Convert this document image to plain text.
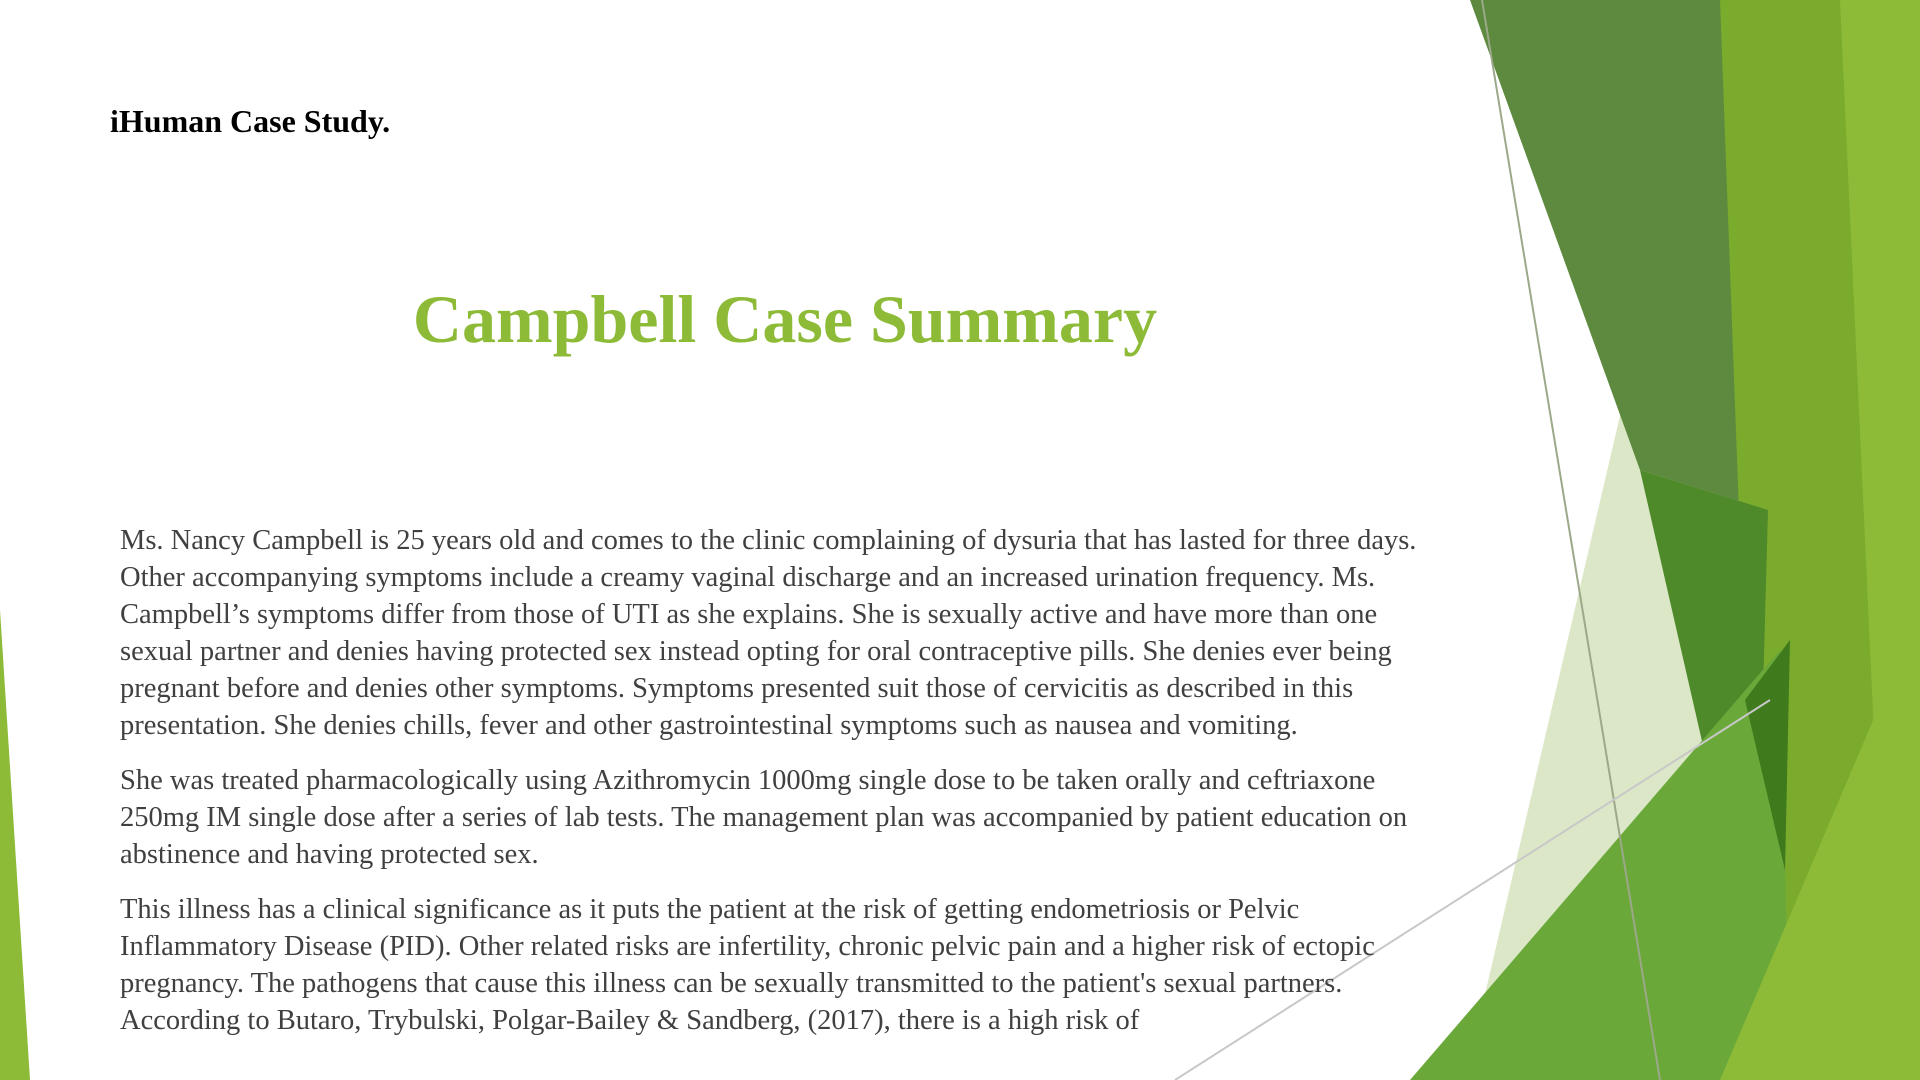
iHuman Case Study.
Campbell Case Summary

Ms. Nancy Campbell is 25 years old and comes to the clinic complaining of dysuria that has lasted for three days. Other accompanying symptoms include a creamy vaginal discharge and an increased urination frequency. Ms. Campbell’s symptoms differ from those of UTI as she explains. She is sexually active and have more than one sexual partner and denies having protected sex instead opting for oral contraceptive pills. She denies ever being pregnant before and denies other symptoms. Symptoms presented suit those of cervicitis as described in this presentation. She denies chills, fever and other gastrointestinal symptoms such as nausea and vomiting.

She was treated pharmacologically using Azithromycin 1000mg single dose to be taken orally and ceftriaxone 250mg IM single dose after a series of lab tests. The management plan was accompanied by patient education on abstinence and having protected sex.

This illness has a clinical significance as it puts the patient at the risk of getting endometriosis or Pelvic Inflammatory Disease (PID). Other related risks are infertility, chronic pelvic pain and a higher risk of ectopic pregnancy. The pathogens that cause this illness can be sexually transmitted to the patient's sexual partners. According to Butaro, Trybulski, Polgar-Bailey & Sandberg, (2017), there is a high risk of
